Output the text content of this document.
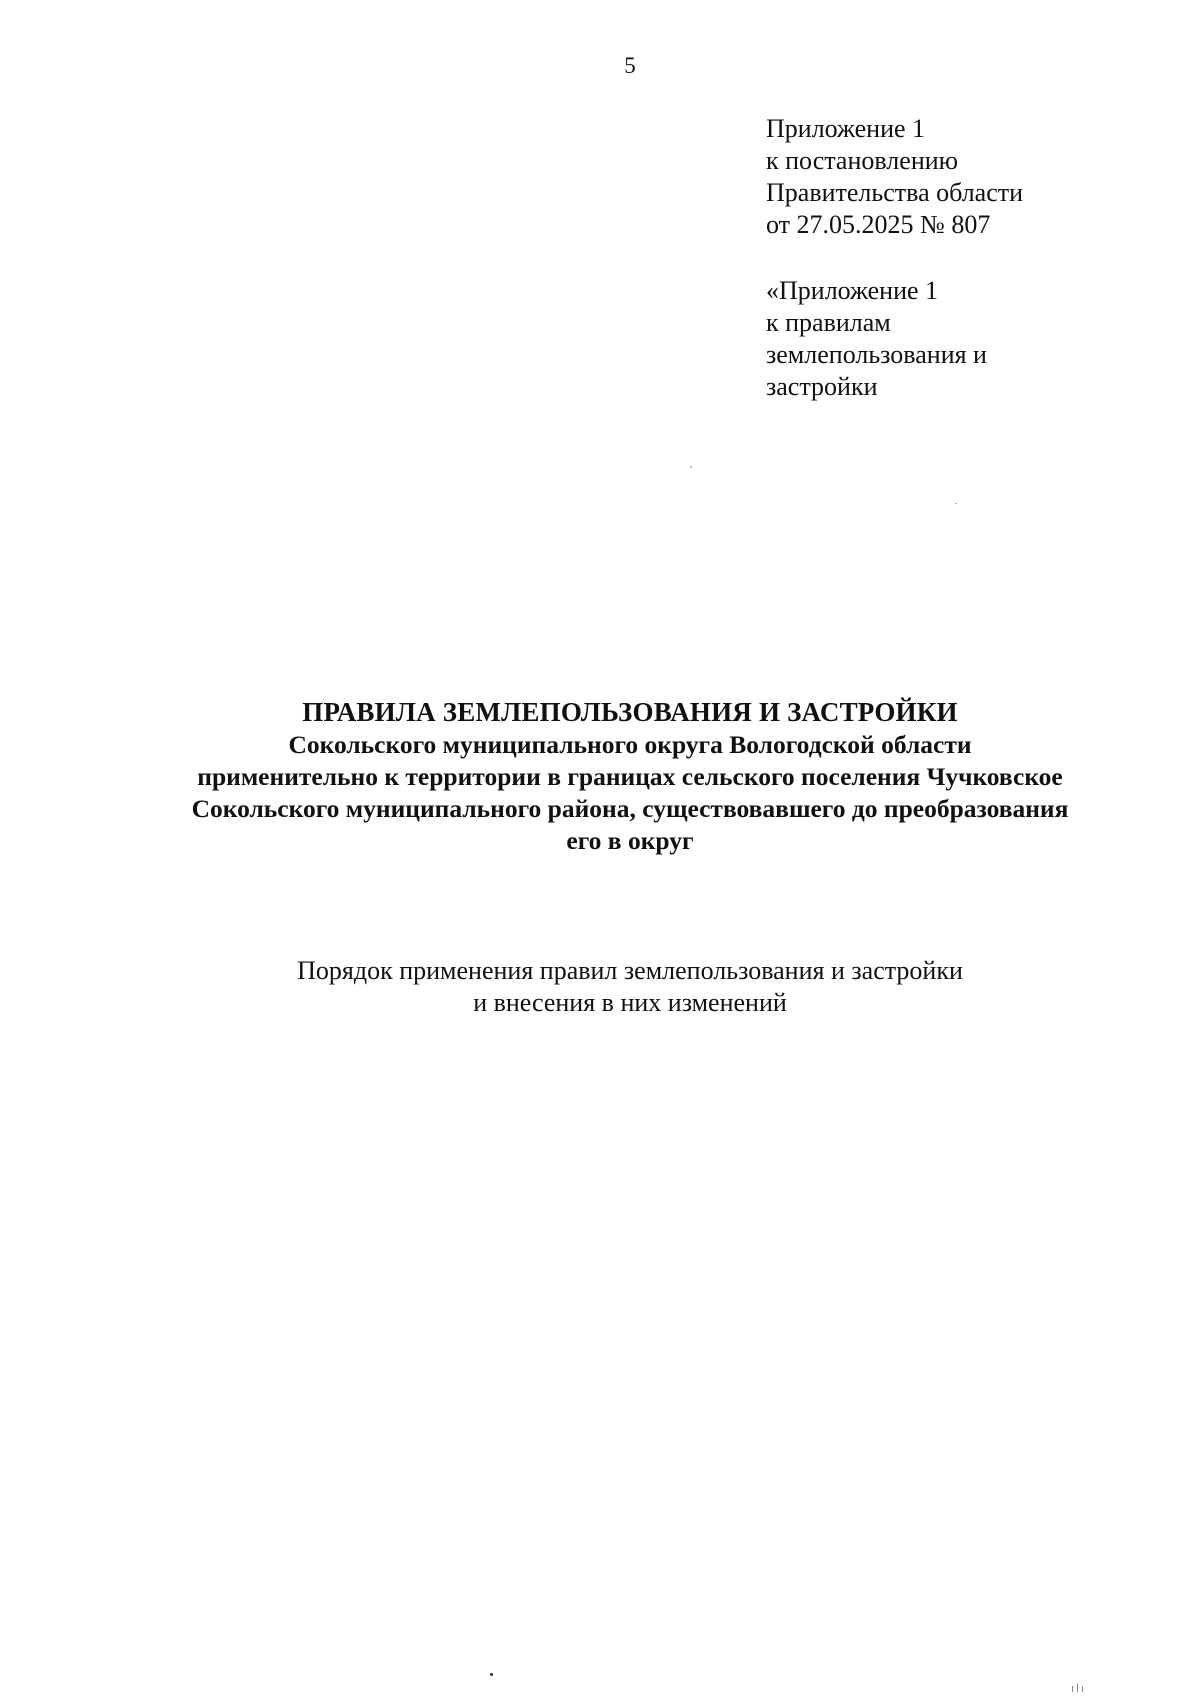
5
Приложение 1
к постановлению
Правительства области
от 27.05.2025 № 807
«Приложение 1
к правилам
землепользования и
застройки
ПРАВИЛА ЗЕМЛЕПОЛЬЗОВАНИЯ И ЗАСТРОЙКИ
Сокольского муниципального округа Вологодской области
применительно к территории в границах сельского поселения Чучковское
Сокольского муниципального района, существовавшего до преобразования
его в округ
Порядок применения правил землепользования и застройки
и внесения в них изменений
